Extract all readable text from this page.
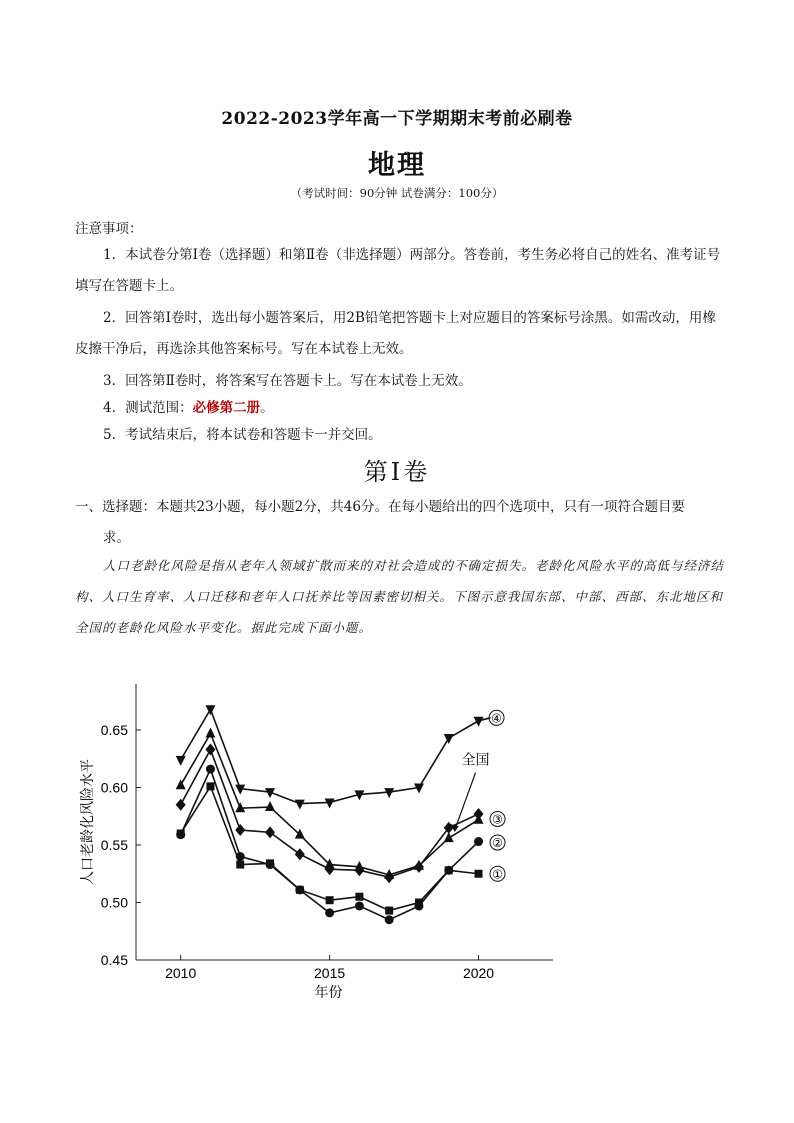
2022-2023学年高一下学期期末考前必刷卷
地理
（考试时间：90分钟 试卷满分：100分）
注意事项：
1．本试卷分第Ⅰ卷（选择题）和第Ⅱ卷（非选择题）两部分。答卷前，考生务必将自己的姓名、准考证号填写在答题卡上。
2．回答第Ⅰ卷时，选出每小题答案后，用2B铅笔把答题卡上对应题目的答案标号涂黑。如需改动，用橡皮擦干净后，再选涂其他答案标号。写在本试卷上无效。
3．回答第Ⅱ卷时，将答案写在答题卡上。写在本试卷上无效。
4．测试范围：必修第二册。
5．考试结束后，将本试卷和答题卡一并交回。
第Ⅰ卷
一、选择题：本题共23小题，每小题2分，共46分。在每小题给出的四个选项中，只有一项符合题目要
求。
人口老龄化风险是指从老年人领域扩散而来的对社会造成的不确定损失。老龄化风险水平的高低与经济结构、人口生育率、人口迁移和老年人口抚养比等因素密切相关。下图示意我国东部、中部、西部、东北地区和全国的老龄化风险水平变化。据此完成下面小题。
0.45
0.50
0.55
0.60
0.65
2010	2015	2020
年份
人口老龄化风险水平
④
③
②
①
全国
